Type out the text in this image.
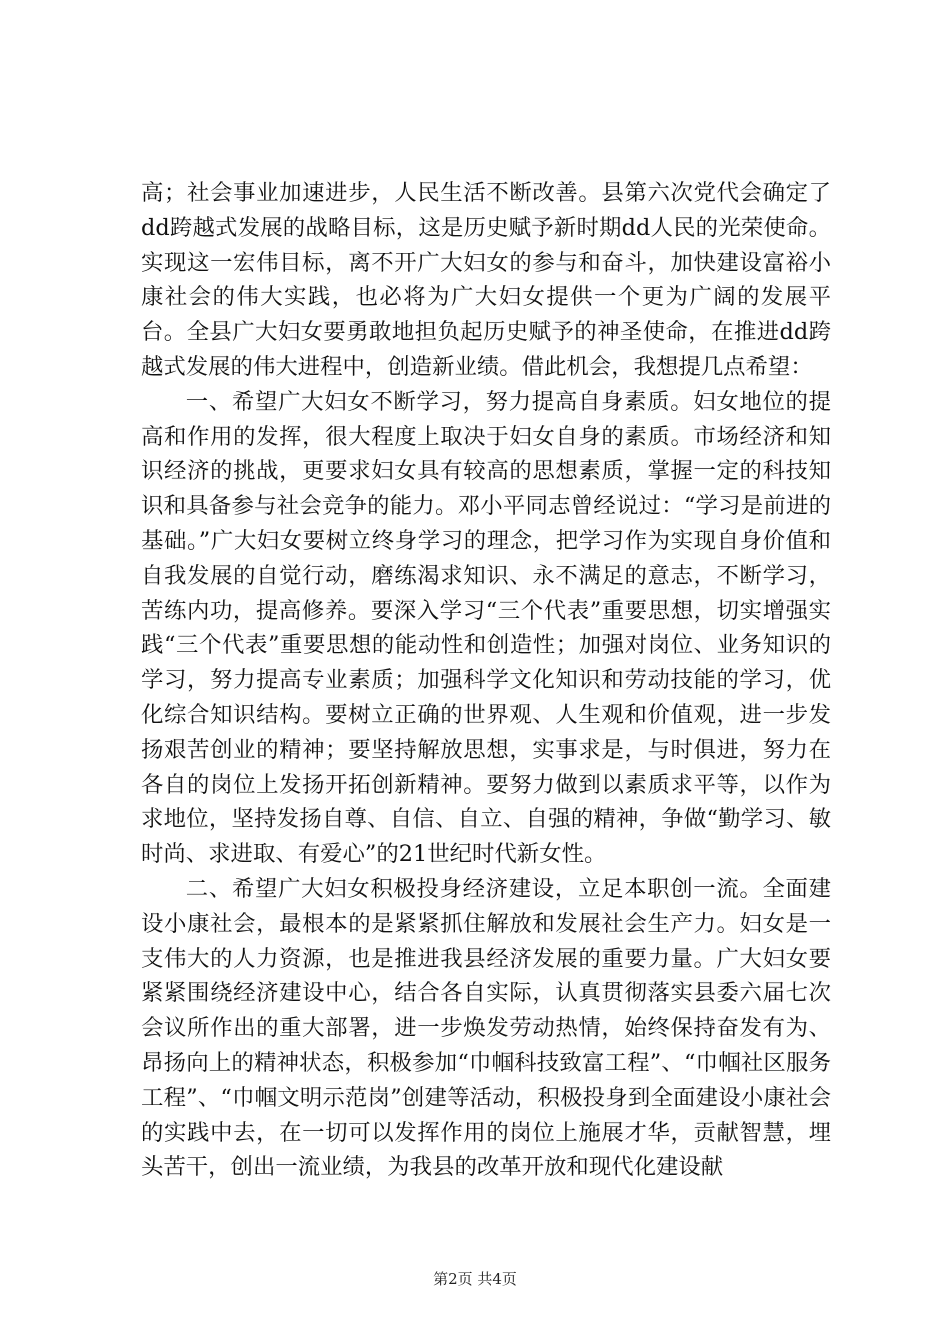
高；社会事业加速进步，人民生活不断改善。县第六次党代会确定了dd跨越式发展的战略目标，这是历史赋予新时期dd人民的光荣使命。实现这一宏伟目标，离不开广大妇女的参与和奋斗，加快建设富裕小康社会的伟大实践，也必将为广大妇女提供一个更为广阔的发展平台。全县广大妇女要勇敢地担负起历史赋予的神圣使命，在推进dd跨越式发展的伟大进程中，创造新业绩。借此机会，我想提几点希望：

一、希望广大妇女不断学习，努力提高自身素质。妇女地位的提高和作用的发挥，很大程度上取决于妇女自身的素质。市场经济和知识经济的挑战，更要求妇女具有较高的思想素质，掌握一定的科技知识和具备参与社会竞争的能力。邓小平同志曾经说过：“学习是前进的基础。”广大妇女要树立终身学习的理念，把学习作为实现自身价值和自我发展的自觉行动，磨练渴求知识、永不满足的意志，不断学习，苦练内功，提高修养。要深入学习“三个代表”重要思想，切实增强实践“三个代表”重要思想的能动性和创造性；加强对岗位、业务知识的学习，努力提高专业素质；加强科学文化知识和劳动技能的学习，优化综合知识结构。要树立正确的世界观、人生观和价值观，进一步发扬艰苦创业的精神；要坚持解放思想，实事求是，与时俱进，努力在各自的岗位上发扬开拓创新精神。要努力做到以素质求平等，以作为求地位，坚持发扬自尊、自信、自立、自强的精神，争做“勤学习、敏时尚、求进取、有爱心”的21世纪时代新女性。

二、希望广大妇女积极投身经济建设，立足本职创一流。全面建设小康社会，最根本的是紧紧抓住解放和发展社会生产力。妇女是一支伟大的人力资源，也是推进我县经济发展的重要力量。广大妇女要紧紧围绕经济建设中心，结合各自实际，认真贯彻落实县委六届七次会议所作出的重大部署，进一步焕发劳动热情，始终保持奋发有为、昂扬向上的精神状态，积极参加“巾帼科技致富工程”、“巾帼社区服务工程”、“巾帼文明示范岗”创建等活动，积极投身到全面建设小康社会的实践中去，在一切可以发挥作用的岗位上施展才华，贡献智慧，埋头苦干，创出一流业绩，为我县的改革开放和现代化建设献

第2页 共4页
